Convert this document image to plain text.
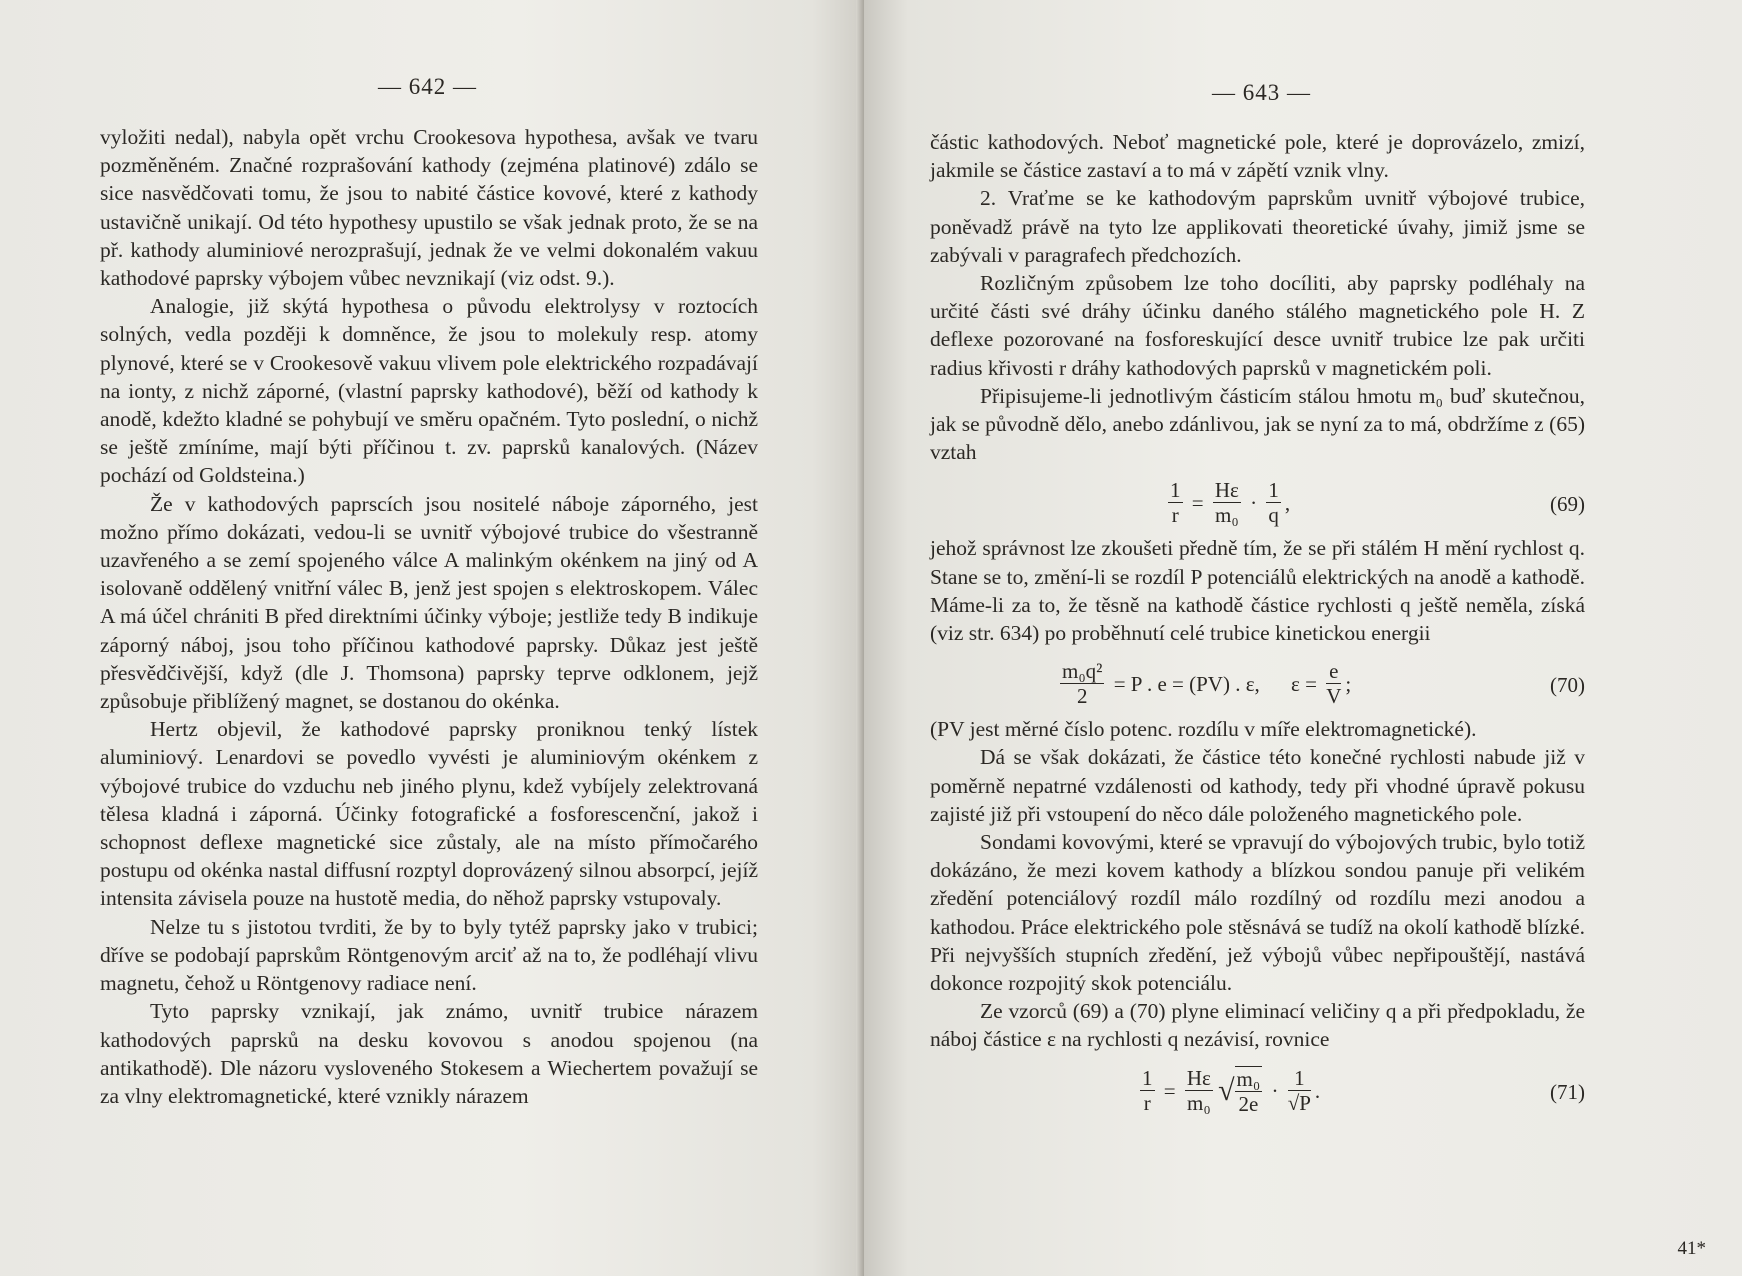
— 642 —

vyložiti nedal), nabyla opět vrchu Crookesova hypothesa, avšak ve tvaru pozměněném. Značné rozprašování kathody (zejména platinové) zdálo se sice nasvědčovati tomu, že jsou to nabité částice kovové, které z kathody ustavičně unikají. Od této hypothesy upustilo se však jednak proto, že se na př. kathody aluminiové nerozprašují, jednak že ve velmi dokonalém vakuu kathodové paprsky výbojem vůbec nevznikají (viz odst. 9.).

Analogie, již skýtá hypothesa o původu elektrolysy v roztocích solných, vedla později k domněnce, že jsou to molekuly resp. atomy plynové, které se v Crookesově vakuu vlivem pole elektrického rozpadávají na ionty, z nichž záporné, (vlastní paprsky kathodové), běží od kathody k anodě, kdežto kladné se pohybují ve směru opačném. Tyto poslední, o nichž se ještě zmíníme, mají býti příčinou t. zv. paprsků kanalových. (Název pochází od Goldsteina.)

Že v kathodových paprscích jsou nositelé náboje záporného, jest možno přímo dokázati, vedou-li se uvnitř výbojové trubice do všestranně uzavřeného a se zemí spojeného válce A malinkým okénkem na jiný od A isolovaně oddělený vnitřní válec B, jenž jest spojen s elektroskopem. Válec A má účel chrániti B před direktními účinky výboje; jestliže tedy B indikuje záporný náboj, jsou toho příčinou kathodové paprsky. Důkaz jest ještě přesvědčivější, když (dle J. Thomsona) paprsky teprve odklonem, jejž způsobuje přiblížený magnet, se dostanou do okénka.

Hertz objevil, že kathodové paprsky proniknou tenký lístek aluminiový. Lenardovi se povedlo vyvésti je aluminiovým okénkem z výbojové trubice do vzduchu neb jiného plynu, kdež vybíjely zelektrovaná tělesa kladná i záporná. Účinky fotografické a fosforescenční, jakož i schopnost deflexe magnetické sice zůstaly, ale na místo přímočarého postupu od okénka nastal diffusní rozptyl doprovázený silnou absorpcí, jejíž intensita závisela pouze na hustotě media, do něhož paprsky vstupovaly.

Nelze tu s jistotou tvrditi, že by to byly tytéž paprsky jako v trubici; dříve se podobají paprskům Röntgenovým arciť až na to, že podléhají vlivu magnetu, čehož u Röntgenovy radiace není.

Tyto paprsky vznikají, jak známo, uvnitř trubice nárazem kathodových paprsků na desku kovovou s anodou spojenou (na antikathodě). Dle názoru vysloveného Stokesem a Wiechertem považují se za vlny elektromagnetické, které vznikly nárazem

— 643 —

částic kathodových. Neboť magnetické pole, které je doprovázelo, zmizí, jakmile se částice zastaví a to má v zápětí vznik vlny.

2. Vraťme se ke kathodovým paprskům uvnitř výbojové trubice, poněvadž právě na tyto lze applikovati theoretické úvahy, jimiž jsme se zabývali v paragrafech předchozích.

Rozličným způsobem lze toho docíliti, aby paprsky podléhaly na určité části své dráhy účinku daného stálého magnetického pole H. Z deflexe pozorované na fosforeskující desce uvnitř trubice lze pak určiti radius křivosti r dráhy kathodových paprsků v magnetickém poli.

Připisujeme-li jednotlivým částicím stálou hmotu m₀ buď skutečnou, jak se původně dělo, anebo zdánlivou, jak se nyní za to má, obdržíme z (65) vztah

$\frac{1}{r} = \frac{H\varepsilon}{\text{m₀}} \cdot \frac{1}{q}$ ,	(69)

jehož správnost lze zkoušeti předně tím, že se při stálém H mění rychlost q. Stane se to, změní-li se rozdíl P potenciálů elektrických na anodě a kathodě. Máme-li za to, že těsně na kathodě částice rychlosti q ještě neměla, získá (viz str. 634) po proběhnutí celé trubice kinetickou energii

$\frac{\text{m₀q²}}{2} = P$ . e = (PV) . ε, $\varepsilon = \frac{e}{V}$ ;	(70)

(PV jest měrné číslo potenc. rozdílu v míře elektromagnetické).

Dá se však dokázati, že částice této konečné rychlosti nabude již v poměrně nepatrné vzdálenosti od kathody, tedy při vhodné úpravě pokusu zajisté již při vstoupení do něco dále položeného magnetického pole.

Sondami kovovými, které se vpravují do výbojových trubic, bylo totiž dokázáno, že mezi kovem kathody a blízkou sondou panuje při velikém zředění potenciálový rozdíl málo rozdílný od rozdílu mezi anodou a kathodou. Práce elektrického pole stěsnává se tudíž na okolí kathodě blízké. Při nejvyšších stupních zředění, jež výbojů vůbec nepřipouštějí, nastává dokonce rozpojitý skok potenciálu.

Ze vzorců (69) a (70) plyne eliminací veličiny q a při předpokladu, že náboj částice ε na rychlosti q nezávisí, rovnice

$\frac{1}{r} = \frac{H\varepsilon}{\text{m₀}}$ √ $\frac{\text{m₀}}{2e} \cdot \frac{1}{√P}$ .	(71)
41*
